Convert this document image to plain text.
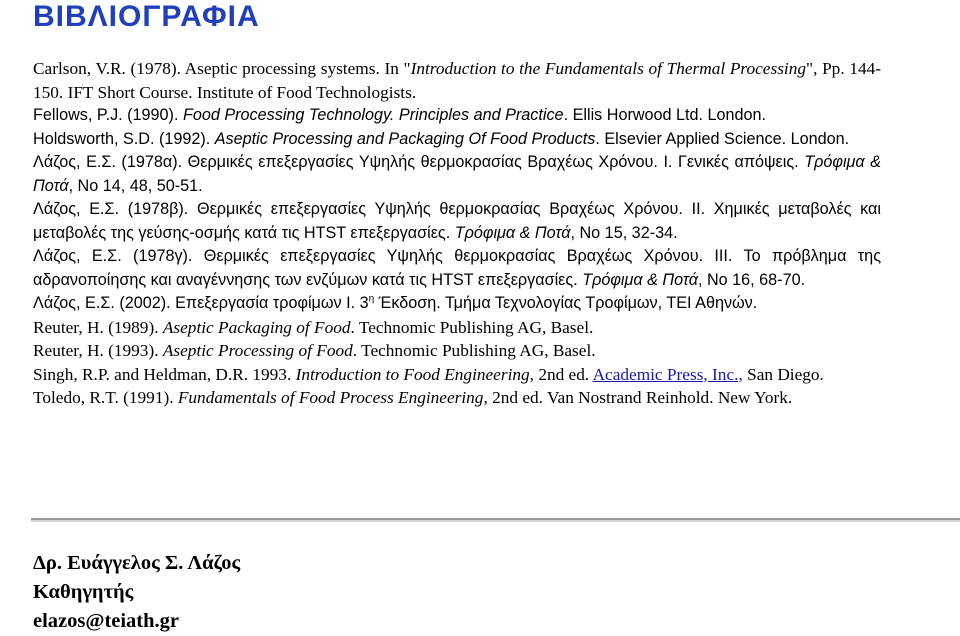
ΒΙΒΛΙΟΓΡΑΦΙΑ

Carlson, V.R. (1978). Aseptic processing systems. In "Introduction to the Fundamentals of Thermal Processing", Pp. 144-150. IFT Short Course. Institute of Food Technologists.

Fellows, P.J. (1990). Food Processing Technology. Principles and Practice. Ellis Horwood Ltd. London.

Holdsworth, S.D. (1992). Aseptic Processing and Packaging Of Food Products. Elsevier Applied Science. London.

Λάζος, Ε.Σ. (1978α). Θερμικές επεξεργασίες Υψηλής θερμοκρασίας Βραχέως Χρόνου. Ι. Γενικές απόψεις. Τρόφιμα & Ποτά, Νο 14, 48, 50-51.

Λάζος, Ε.Σ. (1978β). Θερμικές επεξεργασίες Υψηλής θερμοκρασίας Βραχέως Χρόνου. ΙΙ. Χημικές μεταβολές και μεταβολές της γεύσης-οσμής κατά τις HTST επεξεργασίες. Τρόφιμα & Ποτά, Νο 15, 32-34.

Λάζος, Ε.Σ. (1978γ). Θερμικές επεξεργασίες Υψηλής θερμοκρασίας Βραχέως Χρόνου. ΙΙΙ. Το πρόβλημα της αδρανοποίησης και αναγέννησης των ενζύμων κατά τις HTST επεξεργασίες. Τρόφιμα & Ποτά, Νο 16, 68-70.

Λάζος, Ε.Σ. (2002). Επεξεργασία τροφίμων Ι. $3^\eta$ Έκδοση. Τμήμα Τεχνολογίας Τροφίμων, ΤΕΙ Αθηνών.

Reuter, H. (1989). Aseptic Packaging of Food. Technomic Publishing AG, Basel.

Reuter, H. (1993). Aseptic Processing of Food. Technomic Publishing AG, Basel.

Singh, R.P. and Heldman, D.R. 1993. Introduction to Food Engineering, 2nd ed. Academic Press, Inc., San Diego.

Toledo, R.T. (1991). Fundamentals of Food Process Engineering, 2nd ed. Van Nostrand Reinhold. New York.

Δρ. Ευάγγελος Σ. Λάζος
Καθηγητής
elazos@teiath.gr
